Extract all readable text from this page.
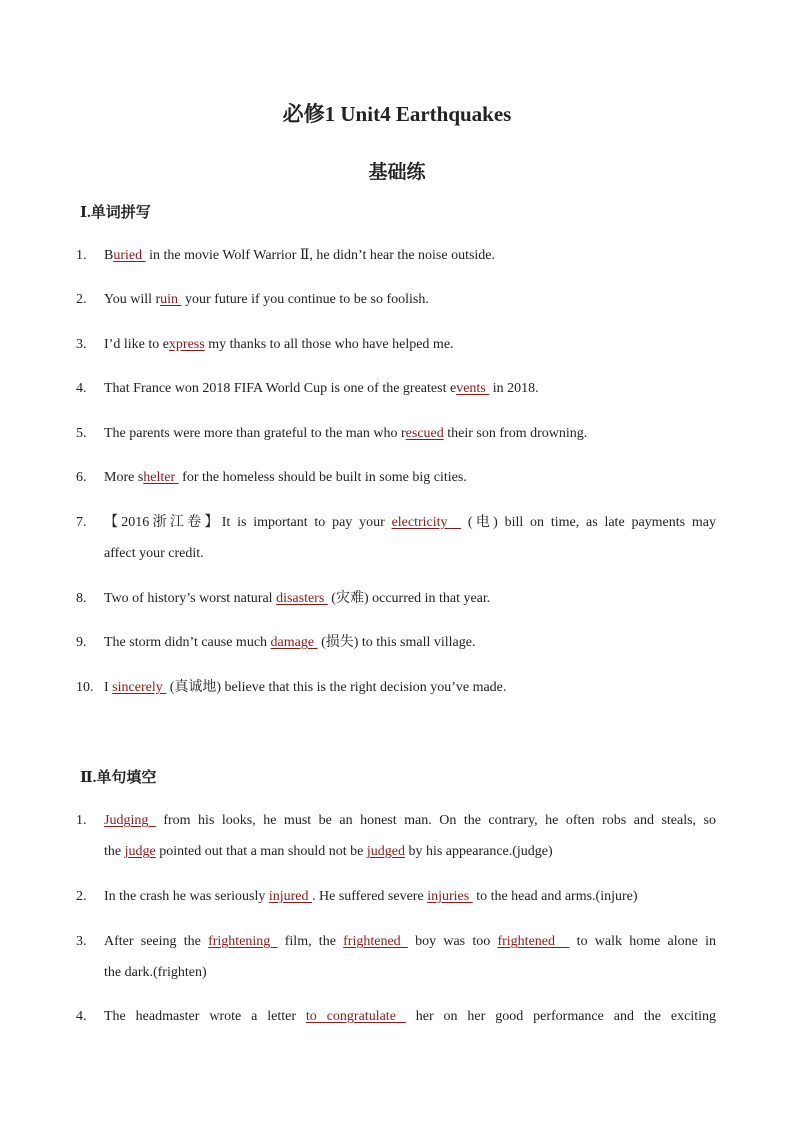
必修1 Unit4 Earthquakes
基础练
Ⅰ.单词拼写
1. Buried  in the movie Wolf Warrior Ⅱ, he didn’t hear the noise outside.
2. You will ruin  your future if you continue to be so foolish.
3. I’d like to express my thanks to all those who have helped me.
4. That France won 2018 FIFA World Cup is one of the greatest events  in 2018.
5. The parents were more than grateful to the man who rescued their son from drowning.
6. More shelter  for the homeless should be built in some big cities.
7. 【2016浙江卷】It is important to pay your electricity   (电) bill on time, as late payments may
affect your credit.
8. Two of history’s worst natural disasters  (灾难) occurred in that year.
9. The storm didn’t cause much damage  (损失) to this small village.
10. I sincerely  (真诚地) believe that this is the right decision you’ve made.
Ⅱ.单句填空
1. Judging  from his looks, he must be an honest man. On the contrary, he often robs and steals, so
the judge pointed out that a man should not be judged by his appearance.(judge)
2. In the crash he was seriously injured . He suffered severe injuries  to the head and arms.(injure)
3. After seeing the frightening  film, the frightened  boy was too frightened   to walk home alone in
the dark.(frighten)
4. The headmaster wrote a letter to congratulate  her on her good performance and the exciting
